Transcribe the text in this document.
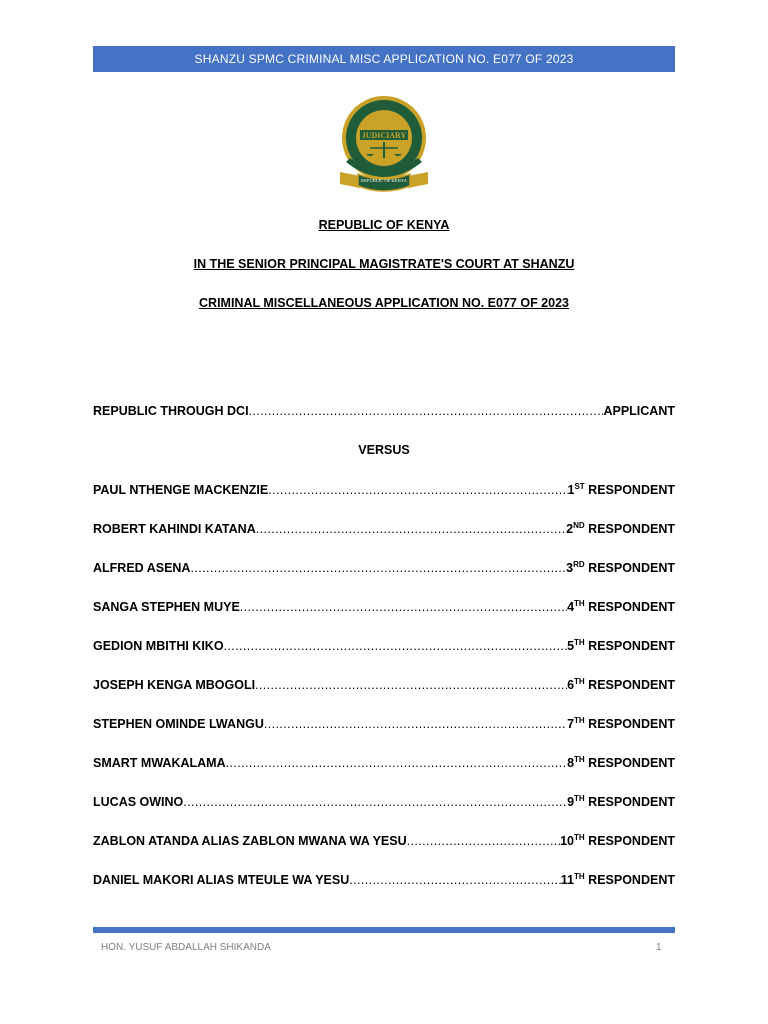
SHANZU SPMC CRIMINAL MISC APPLICATION NO. E077 OF 2023
JUDICIARY
REPUBLIC OF KENYA
REPUBLIC OF KENYA
IN THE SENIOR PRINCIPAL MAGISTRATE'S COURT AT SHANZU
CRIMINAL MISCELLANEOUS APPLICATION NO. E077 OF 2023
REPUBLIC THROUGH DCI .....	APPLICANT
VERSUS
PAUL NTHENGE MACKENZIE .....	1ST RESPONDENT
ROBERT KAHINDI KATANA .....	2ND RESPONDENT
ALFRED ASENA .....	3RD RESPONDENT
SANGA STEPHEN MUYE .....	4TH RESPONDENT
GEDION MBITHI KIKO .....	5TH RESPONDENT
JOSEPH KENGA MBOGOLI .....	6TH RESPONDENT
STEPHEN OMINDE LWANGU .....	7TH RESPONDENT
SMART MWAKALAMA .....	8TH RESPONDENT
LUCAS OWINO .....	9TH RESPONDENT
ZABLON ATANDA ALIAS ZABLON MWANA WA YESU .....	10TH RESPONDENT
DANIEL MAKORI ALIAS MTEULE WA YESU .....	11TH RESPONDENT
HON. YUSUF ABDALLAH SHIKANDA	1
